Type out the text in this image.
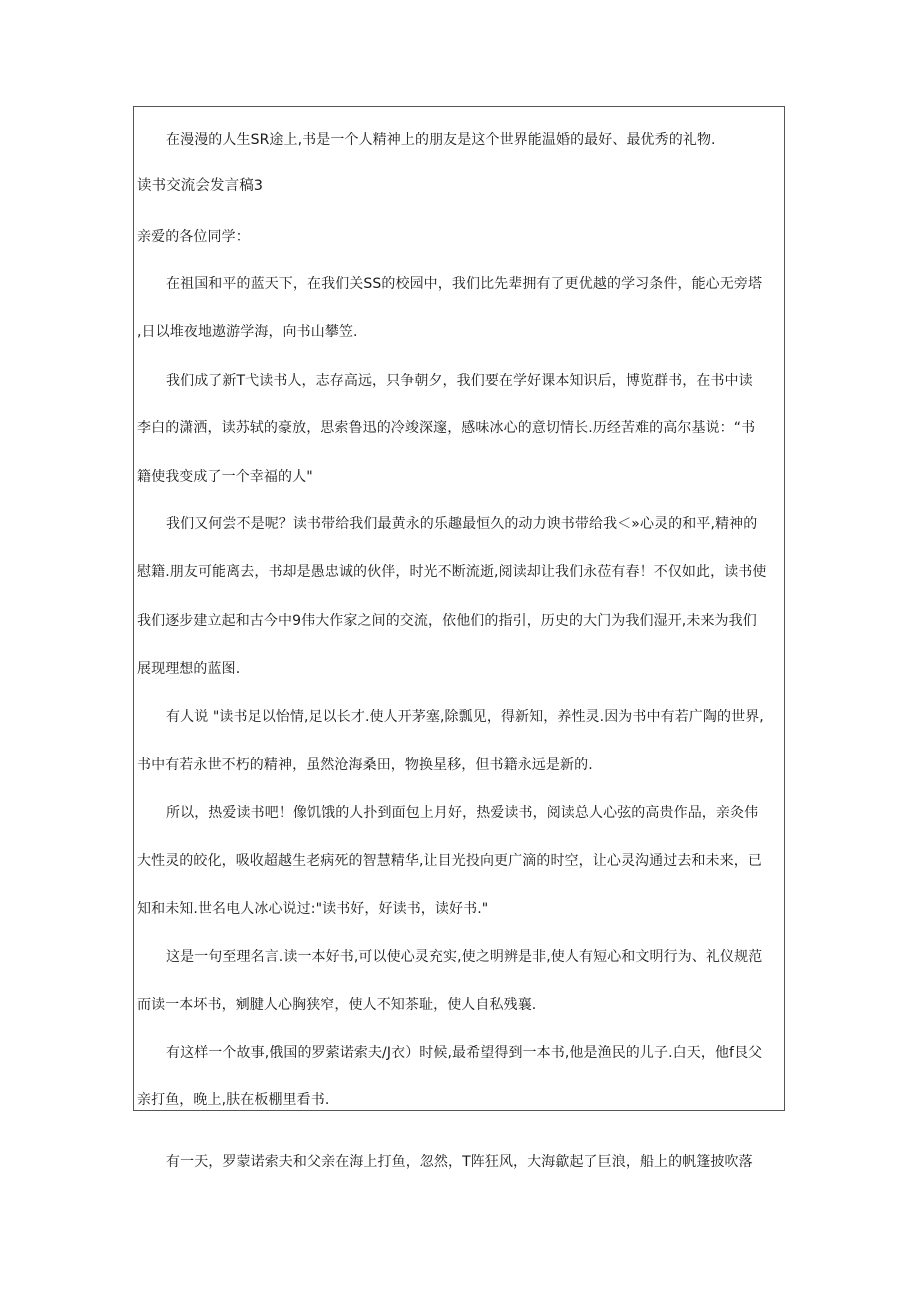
在漫漫的人生SR途上,书是一个人精神上的朋友是这个世界能温婚的最好、最优秀的礼物.
读书交流会发言稿3
亲爱的各位同学：
在祖国和平的蓝天下，在我们关SS的校园中，我们比先辈拥有了更优越的学习条件，能心无旁塔
,日以堆夜地遨游学海，向书山攀笠.
我们成了新T弋读书人，志存高远，只争朝夕，我们要在学好课本知识后，博览群书，在书中读
李白的潇洒，读苏轼的豪放，思索鲁迅的冷竣深邃，感味冰心的意切情长.历经苦难的高尔基说：“书
籍使我变成了一个幸福的人"
我们又何尝不是呢？读书带给我们最黄永的乐趣最恒久的动力谀书带给我＜»心灵的和平,精神的
慰籍.朋友可能离去，书却是愚忠诚的伙伴，时光不断流逝,阅读却让我们永莅有春！不仅如此，读书使
我们逐步建立起和古今中9伟大作家之间的交流，依他们的指引，历史的大门为我们湿开,未来为我们
展现理想的蓝图.
有人说 "读书足以怡情,足以长才.使人开茅塞,除瓢见，得新知，养性灵.因为书中有若广陶的世界,
书中有若永世不朽的精神，虽然沧海桑田，物换星移，但书籍永远是新的.
所以，热爱读书吧！像饥饿的人扑到面包上月好，热爱读书，阅读总人心弦的高贵作品，亲灸伟
大性灵的皎化，吸收超越生老病死的智慧精华,让目光投向更广滴的时空，让心灵沟通过去和未来，已
知和未知.世名电人冰心说过:"读书好，好读书，读好书."
这是一句至理名言.读一本好书,可以使心灵充实,使之明辨是非,使人有短心和文明行为、礼仪规范
而读一本坏书，剜腱人心胸狭窄，使人不知茶耻，使人自私残襄.
有这样一个故事,俄国的罗萦诺索夫/J衣）时候,最希望得到一本书,他是渔民的儿子.白天，他f艮父
亲打鱼，晚上,肤在板棚里看书.
有一天，罗蒙诺索夫和父亲在海上打鱼，忽然，T阵狂风，大海歙起了巨浪，船上的帆篷披吹落
